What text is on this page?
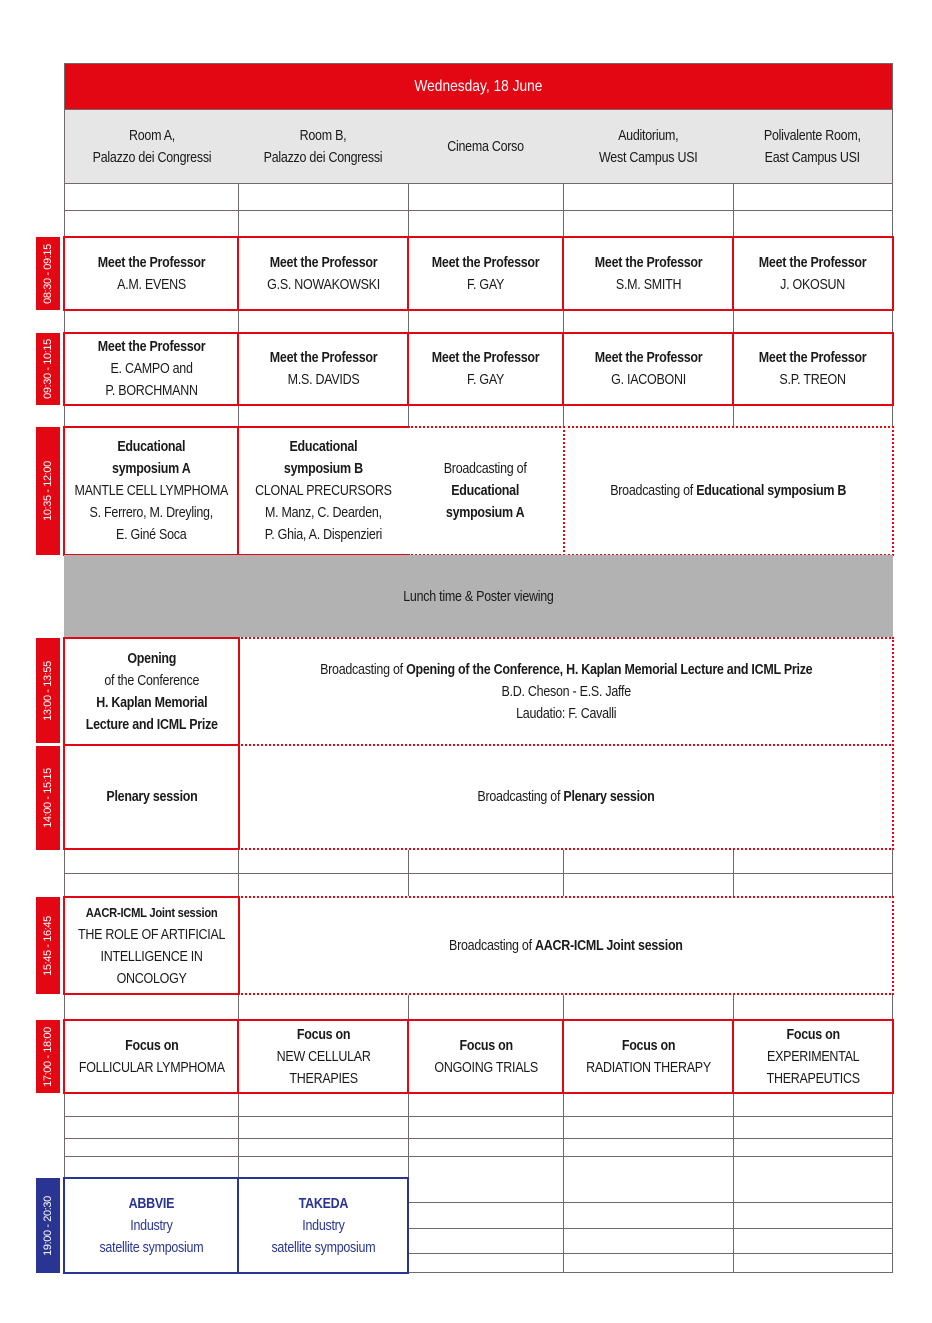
Wednesday, 18 June
Room A,
Palazzo dei Congressi
Room B,
Palazzo dei Congressi
Cinema Corso
Auditorium,
West Campus USI
Polivalente Room,
East Campus USI
08:30 - 09:15
09:30 - 10:15
10:35 - 12:00
13:00 - 13:55
14:00 - 15:15
15:45 - 16:45
17:00 - 18:00
19:00 - 20:30
Meet the Professor
A.M. EVENS
Meet the Professor
G.S. NOWAKOWSKI
Meet the Professor
F. GAY
Meet the Professor
S.M. SMITH
Meet the Professor
J. OKOSUN
Meet the Professor
E. CAMPO and
P. BORCHMANN
Meet the Professor
M.S. DAVIDS
Meet the Professor
F. GAY
Meet the Professor
G. IACOBONI
Meet the Professor
S.P. TREON
Educational
symposium A
MANTLE CELL LYMPHOMA
S. Ferrero, M. Dreyling,
E. Giné Soca
Educational
symposium B
CLONAL PRECURSORS
M. Manz, C. Dearden,
P. Ghia, A. Dispenzieri
Broadcasting of
Educational
symposium A
Broadcasting of Educational symposium B
Lunch time & Poster viewing
Broadcasting of Opening of the Conference, H. Kaplan Memorial Lecture and ICML Prize
B.D. Cheson - E.S. Jaffe
Laudatio: F. Cavalli
Opening
of the Conference
H. Kaplan Memorial
Lecture and ICML Prize
Broadcasting of Plenary session
Plenary session
Broadcasting of AACR-ICML Joint session
AACR-ICML Joint session
THE ROLE OF ARTIFICIAL
INTELLIGENCE IN
ONCOLOGY
Focus on
FOLLICULAR LYMPHOMA
Focus on
NEW CELLULAR
THERAPIES
Focus on
ONGOING TRIALS
Focus on
RADIATION THERAPY
Focus on
EXPERIMENTAL
THERAPEUTICS
ABBVIE
Industry
satellite symposium
TAKEDA
Industry
satellite symposium
